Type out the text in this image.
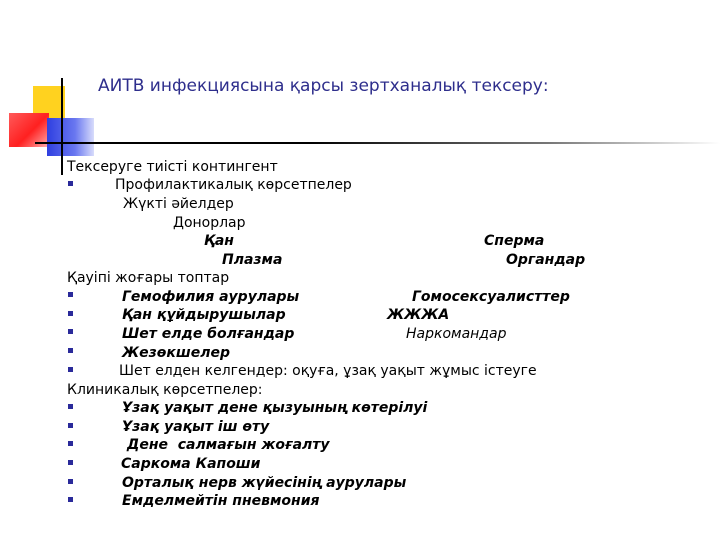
АИТВ инфекциясына қарсы зертханалық тексеру:
Тексеруге тиісті контингент
Профилактикалық көрсетпелер
Жүкті әйелдер
Донорлар
Қан	Сперма
Плазма	Органдар
Қауіпі жоғары топтар
Гемофилия аурулары	Гомосексуалисттер
Қан құйдырушылар	ЖЖЖА
Шет елде болғандар	Наркомандар
Жезөкшелер
Шет елден келгендер: оқуға, ұзақ уақыт жұмыс істеуге
Клиникалық көрсетпелер:
Ұзақ уақыт дене қызуының көтерілуі
Ұзақ уақыт іш өту
Дене  салмағын жоғалту
Саркома Капоши
Орталық нерв жүйесінің аурулары
Емделмейтін пневмония
